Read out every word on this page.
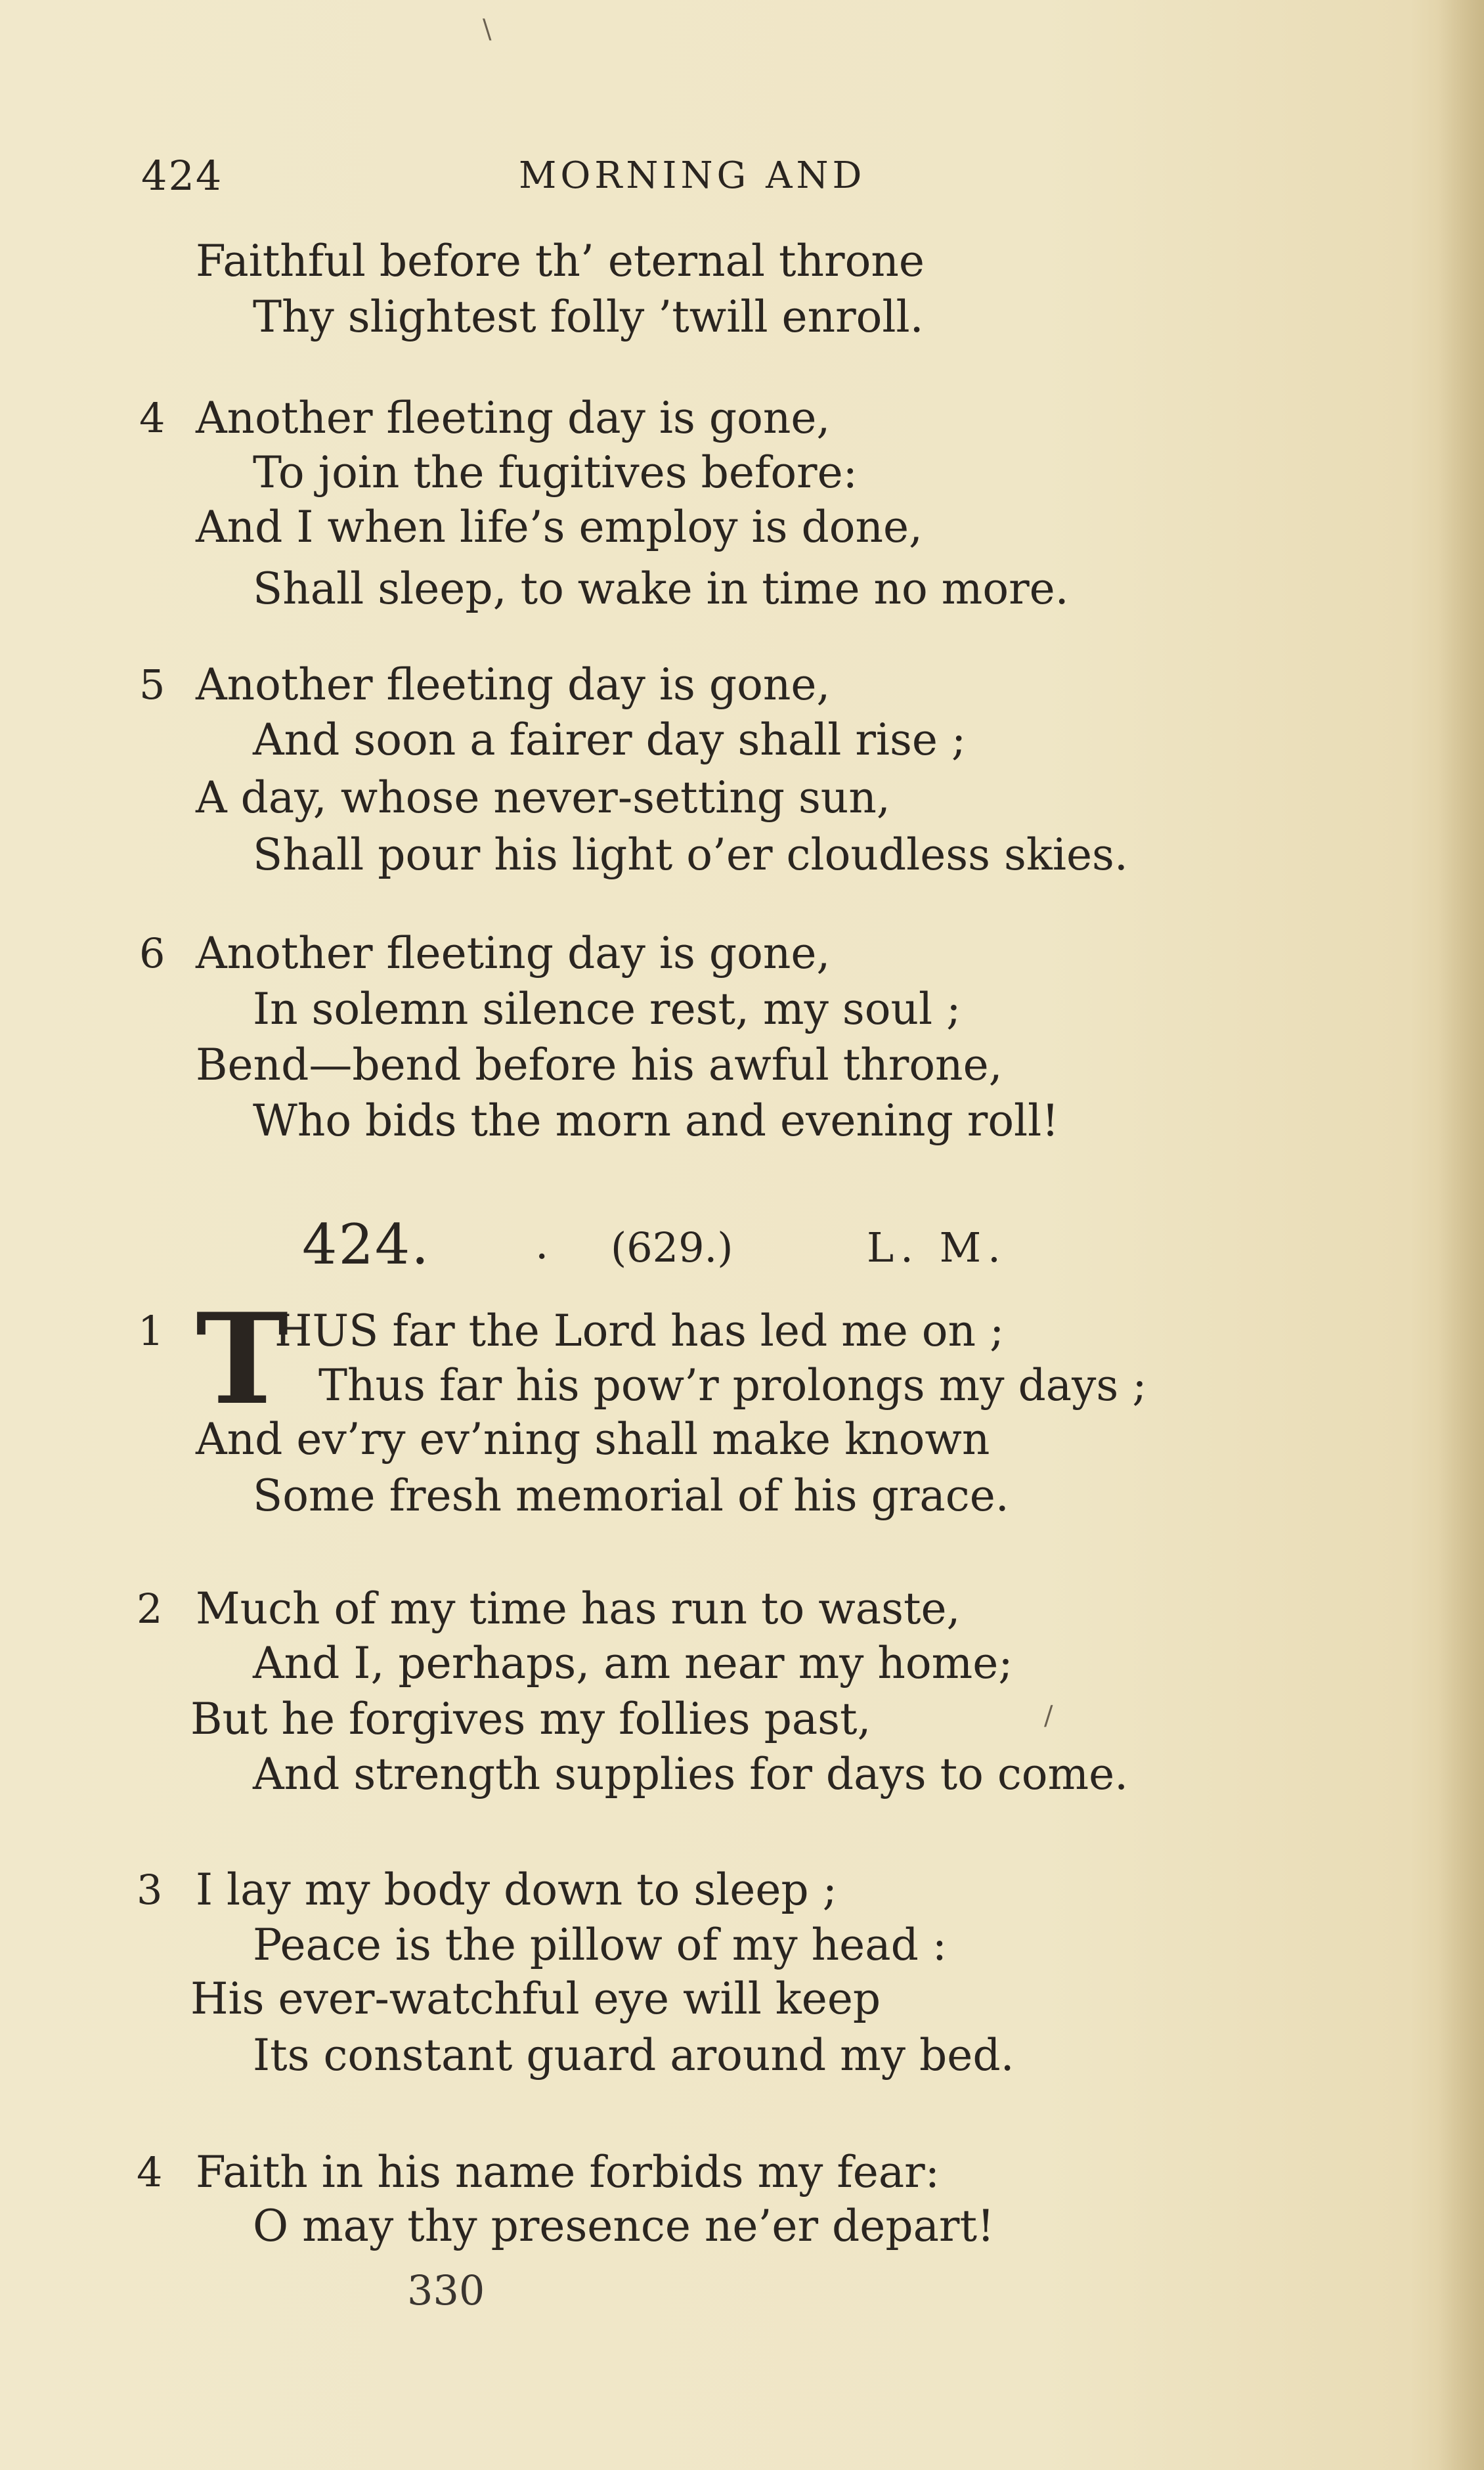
\
424	MORNING AND
Faithful before th’ eternal throne
Thy slightest folly ’twill enroll.
4 Another fleeting day is gone,
To join the fugitives before:
And I when life’s employ is done,
Shall sleep, to wake in time no more.
5 Another fleeting day is gone,
And soon a fairer day shall rise ;
A day, whose never-setting sun,
Shall pour his light o’er cloudless skies.
6 Another fleeting day is gone,
In solemn silence rest, my soul ;
Bend—bend before his awful throne,
Who bids the morn and evening roll!
424. . (629.)	L. M.
1 T
HUS far the Lord has led me on ;
Thus far his pow’r prolongs my days ;
And ev’ry ev’ning shall make known
Some fresh memorial of his grace.
2 Much of my time has run to waste,
And I, perhaps, am near my home;
But he forgives my follies past,
And strength supplies for days to come.
/
3 I lay my body down to sleep ;
Peace is the pillow of my head :
His ever-watchful eye will keep
Its constant guard around my bed.
4 Faith in his name forbids my fear:
O may thy presence ne’er depart!
330
